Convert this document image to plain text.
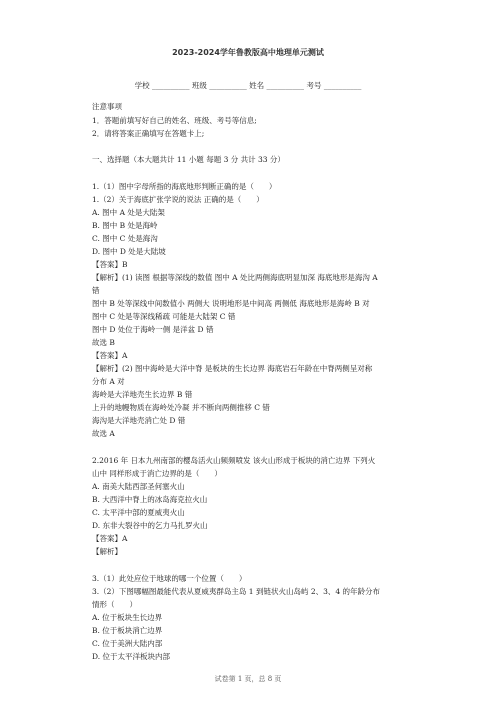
2023-2024学年鲁教版高中地理单元测试
学校 __________ 班级 __________ 姓名 __________ 考号 __________
注意事项
1．答题前填写好自己的姓名、班级、考号等信息;
2．请将答案正确填写在答题卡上;
一、选择题（本大题共计 11 小题 每题 3 分 共计 33 分）
1.（1）图中字母所指的海底地形判断正确的是（　　）
1.（2）关于海底扩张学说的说法 正确的是（　　）
A. 图中 A 处是大陆架
B. 图中 B 处是海岭
C. 图中 C 处是海沟
D. 图中 D 处是大陆坡
【答案】B
【解析】(1) 读图 根据等深线的数值 图中 A 处比两侧海底明显加深 海底地形是海沟 A
错
图中 B 处等深线中间数值小 两侧大 说明地形是中间高 两侧低 海底地形是海岭 B 对
图中 C 处是等深线稀疏 可能是大陆架 C 错
图中 D 处位于海岭一侧 是洋盆 D 错
故选 B
【答案】A
【解析】(2) 图中海岭是大洋中脊 是板块的生长边界 海底岩石年龄在中脊两侧呈对称
分布 A 对
海岭是大洋地壳生长边界 B 错
上升的地幔物质在海岭处冷凝 并不断向两侧推移 C 错
海沟是大洋地壳消亡处 D 错
故选 A
2.2016 年 日本九州南部的樱岛活火山频频喷发 该火山形成于板块的消亡边界 下列火
山中 同样形成于消亡边界的是（　　）
A. 南美大陆西部圣何塞火山
B. 大西洋中脊上的冰岛海克拉火山
C. 太平洋中部的夏威夷火山
D. 东非大裂谷中的乞力马扎罗火山
【答案】A
【解析】
3.（1）此处应位于地球的哪一个位置（　　）
3.（2）下图哪幅图最能代表从夏威夷群岛主岛 1 到链状火山岛屿 2、3、4 的年龄分布
情形（　　）
A. 位于板块生长边界
B. 位于板块消亡边界
C. 位于美洲大陆内部
D. 位于太平洋板块内部
试卷第 1 页，总 8 页
